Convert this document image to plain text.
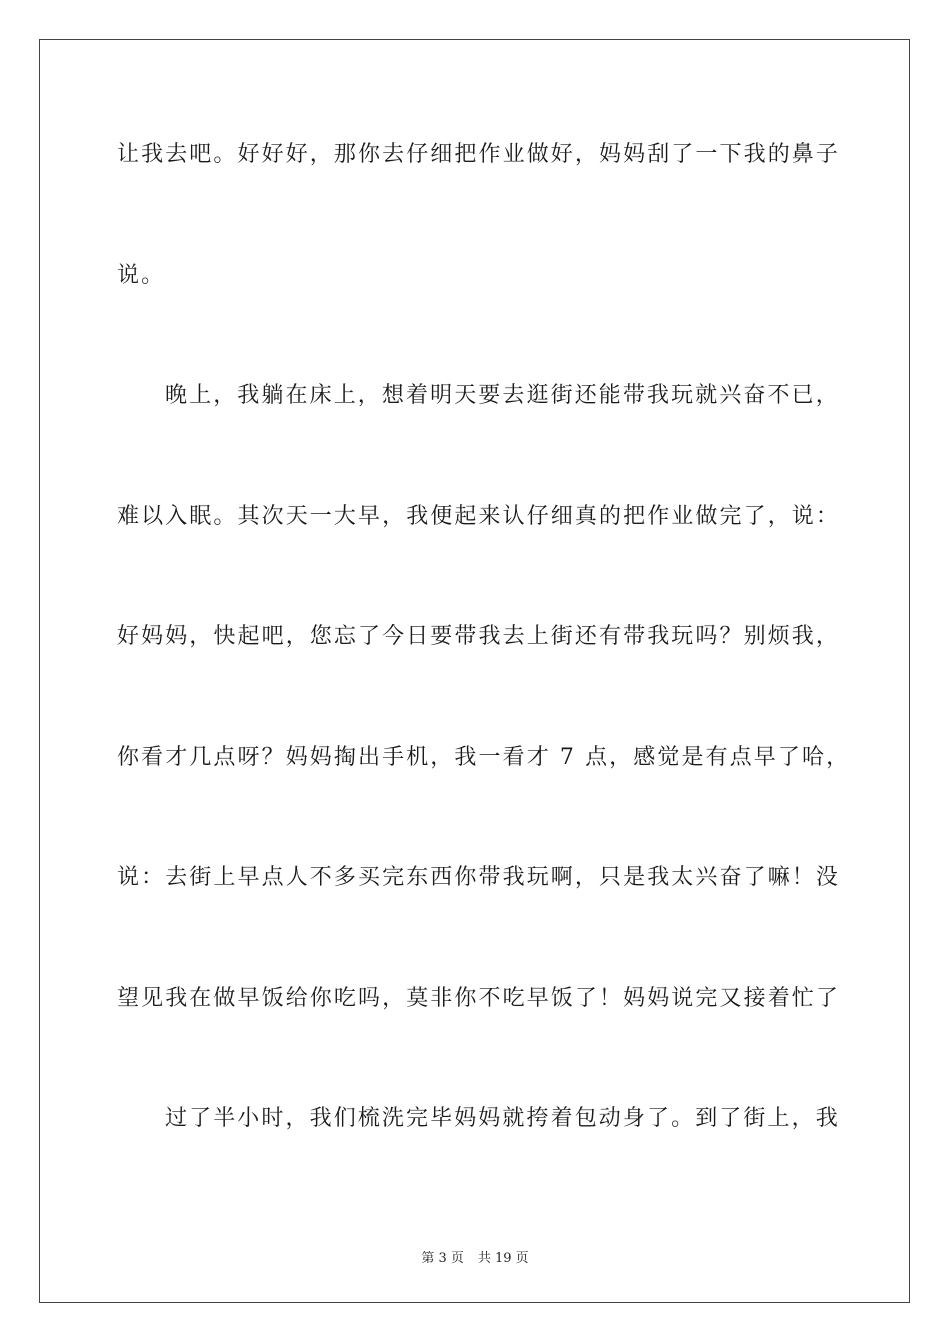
让我去吧。好好好，那你去仔细把作业做好，妈妈刮了一下我的鼻子
说。
晚上，我躺在床上，想着明天要去逛街还能带我玩就兴奋不已，
难以入眠。其次天一大早，我便起来认仔细真的把作业做完了，说：
好妈妈，快起吧，您忘了今日要带我去上街还有带我玩吗？别烦我，
你看才几点呀？妈妈掏出手机，我一看才 7 点，感觉是有点早了哈，
说：去街上早点人不多买完东西你带我玩啊，只是我太兴奋了嘛！没
望见我在做早饭给你吃吗，莫非你不吃早饭了！妈妈说完又接着忙了
过了半小时，我们梳洗完毕妈妈就挎着包动身了。到了街上，我
第 3 页 共 19 页
